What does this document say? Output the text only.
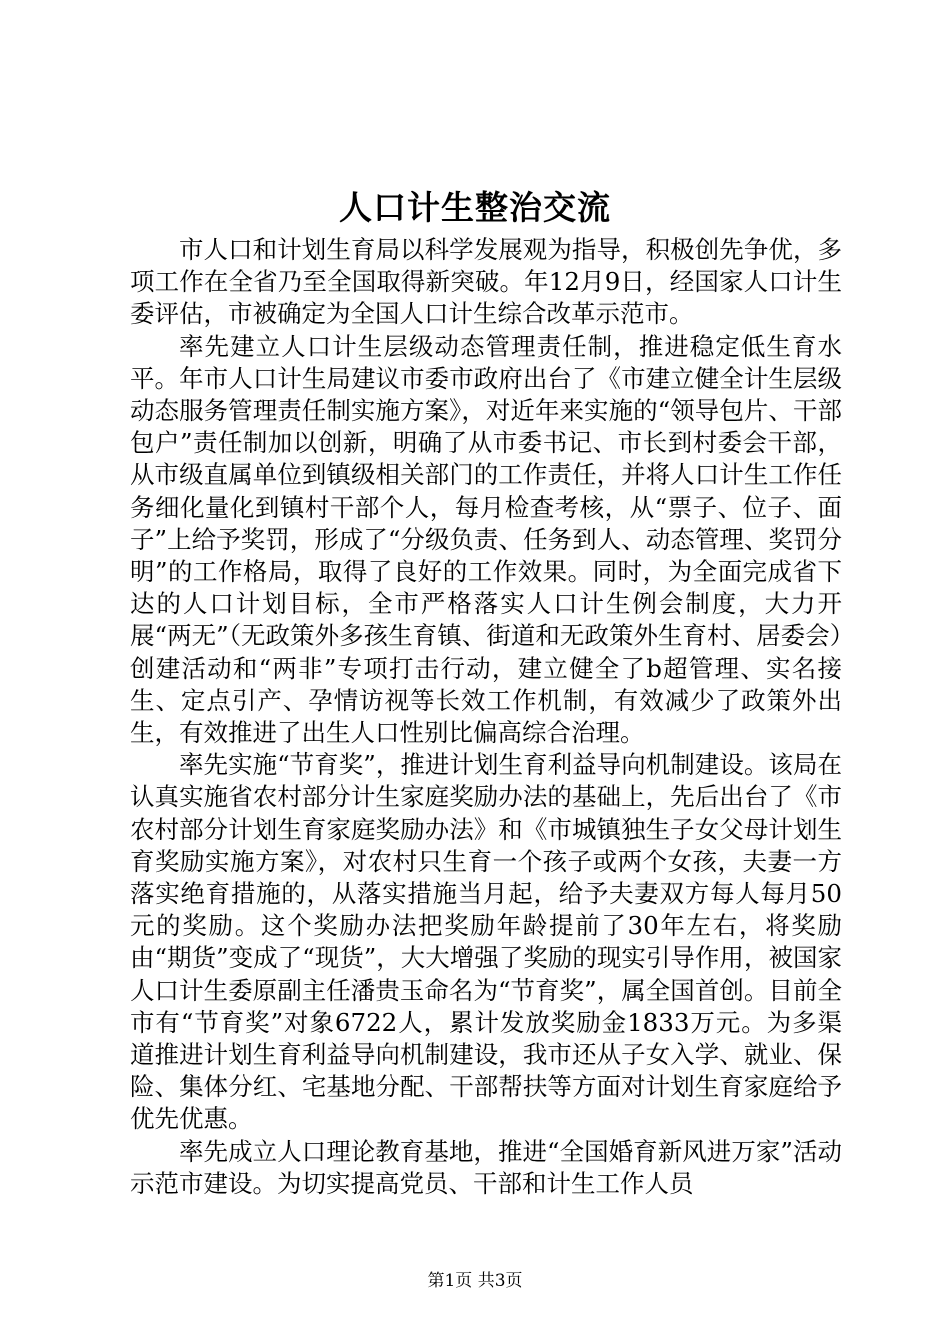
人口计生整治交流

市人口和计划生育局以科学发展观为指导，积极创先争优，多项工作在全省乃至全国取得新突破。年12月9日，经国家人口计生委评估，市被确定为全国人口计生综合改革示范市。

率先建立人口计生层级动态管理责任制，推进稳定低生育水平。年市人口计生局建议市委市政府出台了《市建立健全计生层级动态服务管理责任制实施方案》，对近年来实施的“领导包片、干部包户”责任制加以创新，明确了从市委书记、市长到村委会干部，从市级直属单位到镇级相关部门的工作责任，并将人口计生工作任务细化量化到镇村干部个人，每月检查考核，从“票子、位子、面子”上给予奖罚，形成了“分级负责、任务到人、动态管理、奖罚分明”的工作格局，取得了良好的工作效果。同时，为全面完成省下达的人口计划目标，全市严格落实人口计生例会制度，大力开展“两无”（无政策外多孩生育镇、街道和无政策外生育村、居委会）创建活动和“两非”专项打击行动，建立健全了b超管理、实名接生、定点引产、孕情访视等长效工作机制，有效减少了政策外出生，有效推进了出生人口性别比偏高综合治理。

率先实施“节育奖”，推进计划生育利益导向机制建设。该局在认真实施省农村部分计生家庭奖励办法的基础上，先后出台了《市农村部分计划生育家庭奖励办法》和《市城镇独生子女父母计划生育奖励实施方案》，对农村只生育一个孩子或两个女孩，夫妻一方落实绝育措施的，从落实措施当月起，给予夫妻双方每人每月50元的奖励。这个奖励办法把奖励年龄提前了30年左右，将奖励由“期货”变成了“现货”，大大增强了奖励的现实引导作用，被国家人口计生委原副主任潘贵玉命名为“节育奖”，属全国首创。目前全市有“节育奖”对象6722人，累计发放奖励金1833万元。为多渠道推进计划生育利益导向机制建设，我市还从子女入学、就业、保险、集体分红、宅基地分配、干部帮扶等方面对计划生育家庭给予优先优惠。

率先成立人口理论教育基地，推进“全国婚育新风进万家”活动示范市建设。为切实提高党员、干部和计生工作人员

第1页 共3页
